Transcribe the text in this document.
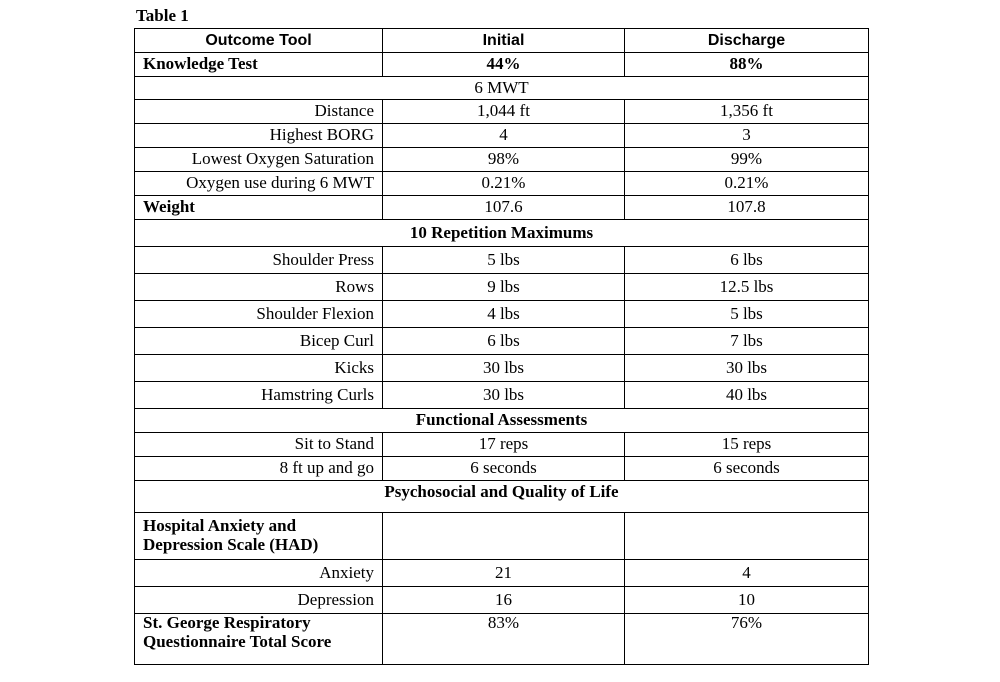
Table 1
Outcome Tool	Initial	Discharge
Knowledge Test	44%	88%
6 MWT		
Distance	1,044 ft	1,356 ft
Highest BORG	4	3
Lowest Oxygen Saturation	98%	99%
Oxygen use during 6 MWT	0.21%	0.21%
Weight	107.6	107.8
10 Repetition Maximums		
Shoulder Press	5 lbs	6 lbs
Rows	9 lbs	12.5 lbs
Shoulder Flexion	4 lbs	5 lbs
Bicep Curl	6 lbs	7 lbs
Kicks	30 lbs	30 lbs
Hamstring Curls	30 lbs	40 lbs
Functional Assessments		
Sit to Stand	17 reps	15 reps
8 ft up and go	6 seconds	6 seconds
Psychosocial and Quality of Life		

Hospital Anxiety and
Depression Scale (HAD)		

Anxiety	21	4
Depression	16	10

St. George Respiratory
Questionnaire Total Score	83%	76%
